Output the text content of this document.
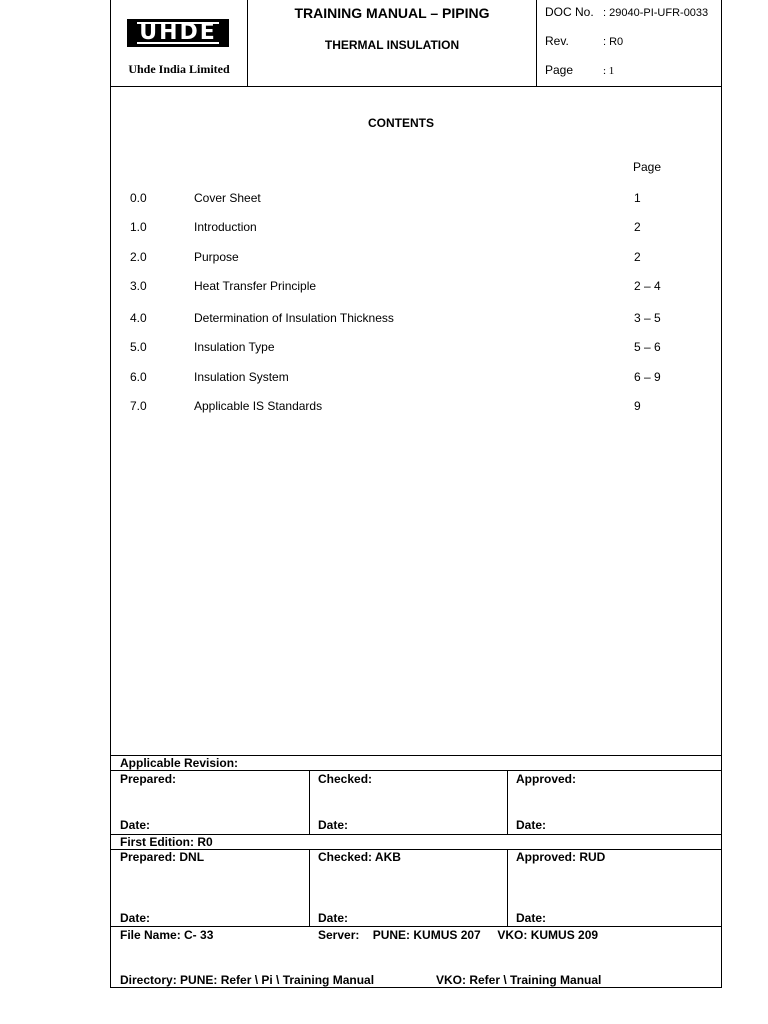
UHDE
Uhde India Limited
TRAINING MANUAL – PIPING
THERMAL INSULATION
DOC No. : 29040-PI-UFR-0033
Rev.	: R0
Page	: 1
CONTENTS
Page
0.0	Cover Sheet	1
1.0	Introduction	2
2.0	Purpose	2
3.0	Heat Transfer Principle	2 – 4
4.0	Determination of Insulation Thickness	3 – 5
5.0	Insulation Type	5 – 6
6.0	Insulation System	6 – 9
7.0	Applicable IS Standards	9
Applicable Revision:
Prepared:	Checked:	Approved:
Date:	Date:	Date:
First Edition: R0
Prepared: DNL	Checked: AKB	Approved: RUD
Date:	Date:	Date:
File Name: C- 33	Server:    PUNE: KUMUS 207     VKO: KUMUS 209
Directory: PUNE: Refer \ Pi \ Training Manual	VKO: Refer \ Training Manual
